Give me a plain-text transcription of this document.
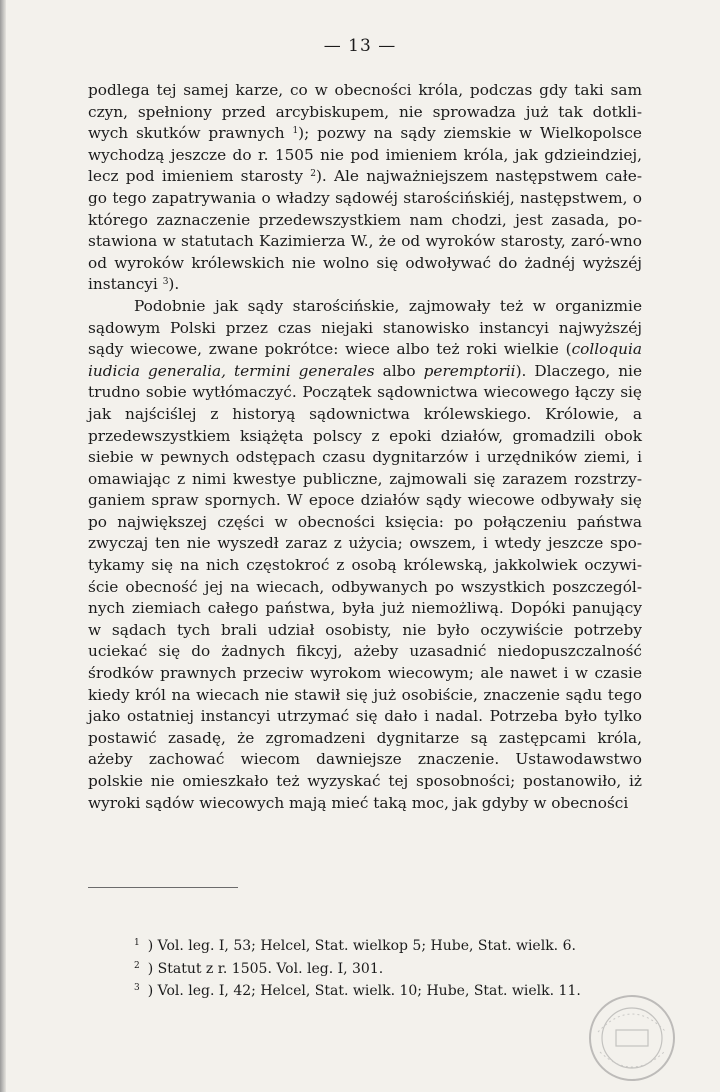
— 13 —

podlega tej samej karze, co w obecności króla, podczas gdy taki sam czyn, spełniony przed arcybiskupem, nie sprowadza już tak dotkli-wych skutków prawnych $^1$); pozwy na sądy ziemskie w Wielkopolsce wychodzą jeszcze do r. 1505 nie pod imieniem króla, jak gdzieindziej, lecz pod imieniem starosty $^2$). Ale najważniejszem następstwem całe-go tego zapatrywania o władzy sądowéj starościńskiéj, następstwem, o którego zaznaczenie przedewszystkiem nam chodzi, jest zasada, po-stawiona w statutach Kazimierza W., że od wyroków starosty, zaró-wno od wyroków królewskich nie wolno się odwoływać do żadnéj wyższéj instancyi $^3$).

Podobnie jak sądy starościńskie, zajmowały też w organizmie sądowym Polski przez czas niejaki stanowisko instancyi najwyższéj sądy wiecowe, zwane pokrótce: wiece albo też roki wielkie (colloquia iudicia generalia, termini generales albo peremptorii). Dlaczego, nie trudno sobie wytłómaczyć. Początek sądownictwa wiecowego łączy się jak najściślej z historyą sądownictwa królewskiego. Królowie, a przedewszystkiem książęta polscy z epoki działów, gromadzili obok siebie w pewnych odstępach czasu dygnitarzów i urzędników ziemi, i omawiając z nimi kwestye publiczne, zajmowali się zarazem rozstrzy-ganiem spraw spornych. W epoce działów sądy wiecowe odbywały się po największej części w obecności księcia: po połączeniu państwa zwyczaj ten nie wyszedł zaraz z użycia; owszem, i wtedy jeszcze spo-tykamy się na nich częstokroć z osobą królewską, jakkolwiek oczywi-ście obecność jej na wiecach, odbywanych po wszystkich poszczegól-nych ziemiach całego państwa, była już niemożliwą. Dopóki panujący w sądach tych brali udział osobisty, nie było oczywiście potrzeby uciekać się do żadnych fikcyj, ażeby uzasadnić niedopuszczalność środków prawnych przeciw wyrokom wiecowym; ale nawet i w czasie kiedy król na wiecach nie stawił się już osobiście, znaczenie sądu tego jako ostatniej instancyi utrzymać się dało i nadal. Potrzeba było tylko postawić zasadę, że zgromadzeni dygnitarze są zastępcami króla, ażeby zachować wiecom dawniejsze znaczenie. Ustawodawstwo polskie nie omieszkało też wyzyskać tej sposobności; postanowiło, iż wyroki sądów wiecowych mają mieć taką moc, jak gdyby w obecności

$^1$ ) Vol. leg. I, 53; Helcel, Stat. wielkop 5; Hube, Stat. wielk. 6.
$^2$ ) Statut z r. 1505. Vol. leg. I, 301.
$^3$ ) Vol. leg. I, 42; Helcel, Stat. wielk. 10; Hube, Stat. wielk. 11.
